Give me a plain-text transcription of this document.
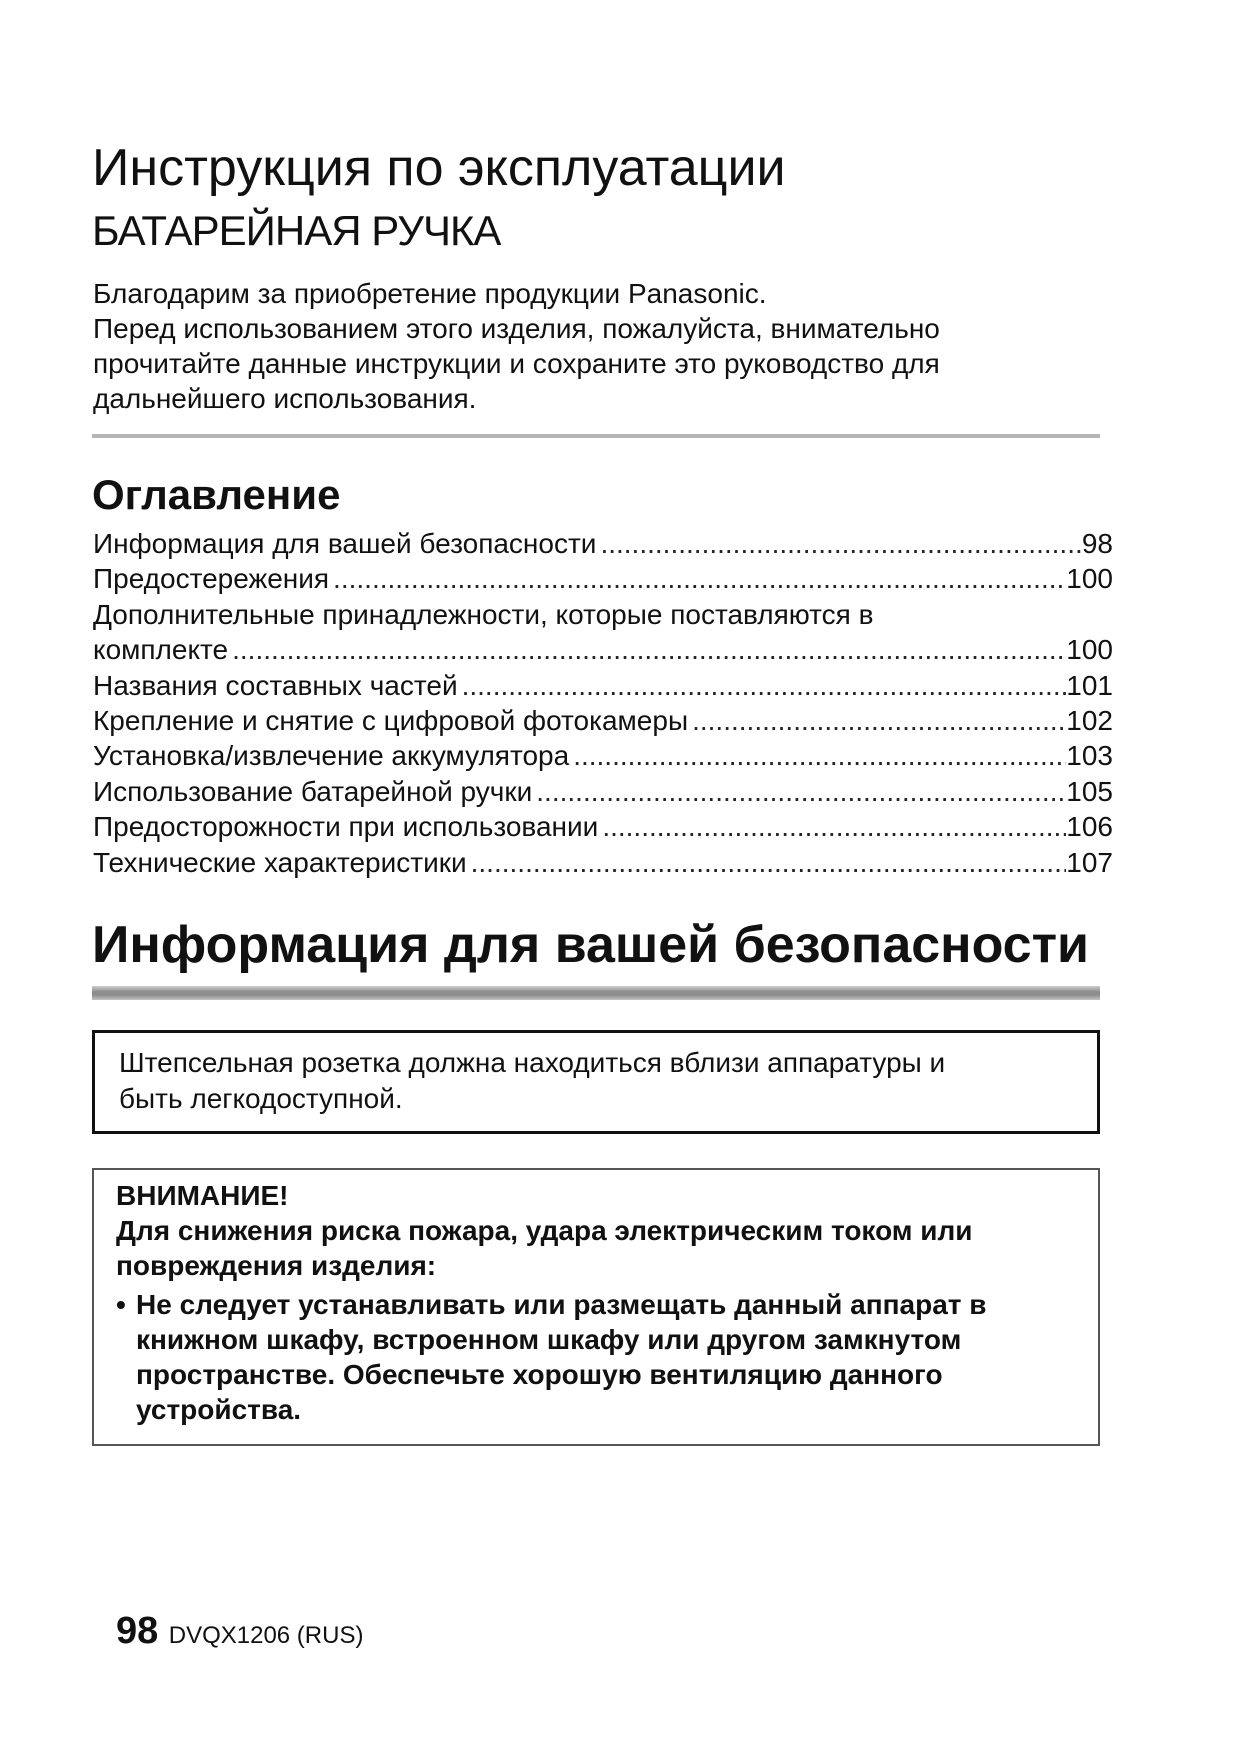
Инструкция по эксплуатации
БАТАРЕЙНАЯ РУЧКА

Благодарим за приобретение продукции Panasonic.

Перед использованием этого изделия, пожалуйста, внимательно

прочитайте данные инструкции и сохраните это руководство для

дальнейшего использования.

Оглавление
Информация для вашей безопасности .....	98
Предостережения .....	100
Дополнительные принадлежности, которые поставляются в
комплекте .....	100
Названия составных частей .....	101
Крепление и снятие с цифровой фотокамеры .....	102
Установка/извлечение аккумулятора .....	103
Использование батарейной ручки .....	105
Предосторожности при использовании .....	106
Технические характеристики .....	107
Информация для вашей безопасности

Штепсельная розетка должна находиться вблизи аппаратуры и

быть легкодоступной.

ВНИМАНИЕ!

Для снижения риска пожара, удара электрическим током или

повреждения изделия:

• Не следует устанавливать или размещать данный аппарат в
книжном шкафу, встроенном шкафу или другом замкнутом
пространстве. Обеспечьте хорошую вентиляцию данного
устройства.
98 DVQX1206 (RUS)
